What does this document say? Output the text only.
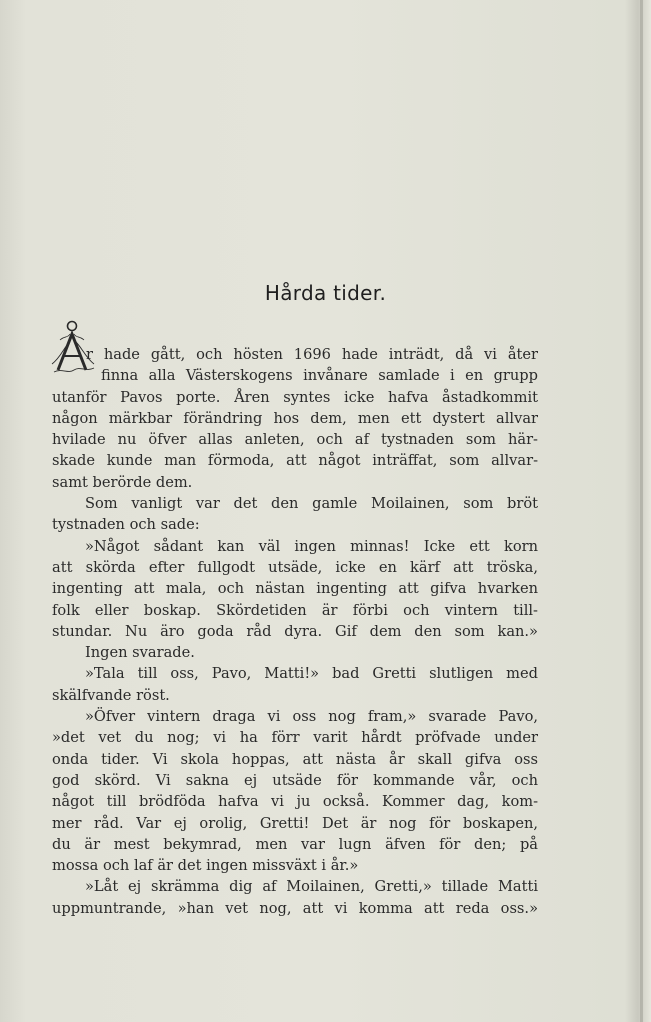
Hårda tider.
r hade gått, och hösten 1696 hade inträdt, då vi åter
finna alla Västerskogens invånare samlade i en grupp
utanför Pavos porte. Åren syntes icke hafva åstadkommit
någon märkbar förändring hos dem, men ett dystert allvar
hvilade nu öfver allas anleten, och af tystnaden som här-
skade kunde man förmoda, att något inträffat, som allvar-
samt berörde dem.
Som vanligt var det den gamle Moilainen, som bröt
tystnaden och sade:
»Något sådant kan väl ingen minnas! Icke ett korn
att skörda efter fullgodt utsäde, icke en kärf att tröska,
ingenting att mala, och nästan ingenting att gifva hvarken
folk eller boskap. Skördetiden är förbi och vintern till-
stundar. Nu äro goda råd dyra. Gif dem den som kan.»
Ingen svarade.
»Tala till oss, Pavo, Matti!» bad Gretti slutligen med
skälfvande röst.
»Öfver vintern draga vi oss nog fram,» svarade Pavo,
»det vet du nog; vi ha förr varit hårdt pröfvade under
onda tider. Vi skola hoppas, att nästa år skall gifva oss
god skörd. Vi sakna ej utsäde för kommande vår, och
något till brödföda hafva vi ju också. Kommer dag, kom-
mer råd. Var ej orolig, Gretti! Det är nog för boskapen,
du är mest bekymrad, men var lugn äfven för den; på
mossa och laf är det ingen missväxt i år.»
»Låt ej skrämma dig af Moilainen, Gretti,» tillade Matti
uppmuntrande, »han vet nog, att vi komma att reda oss.»
